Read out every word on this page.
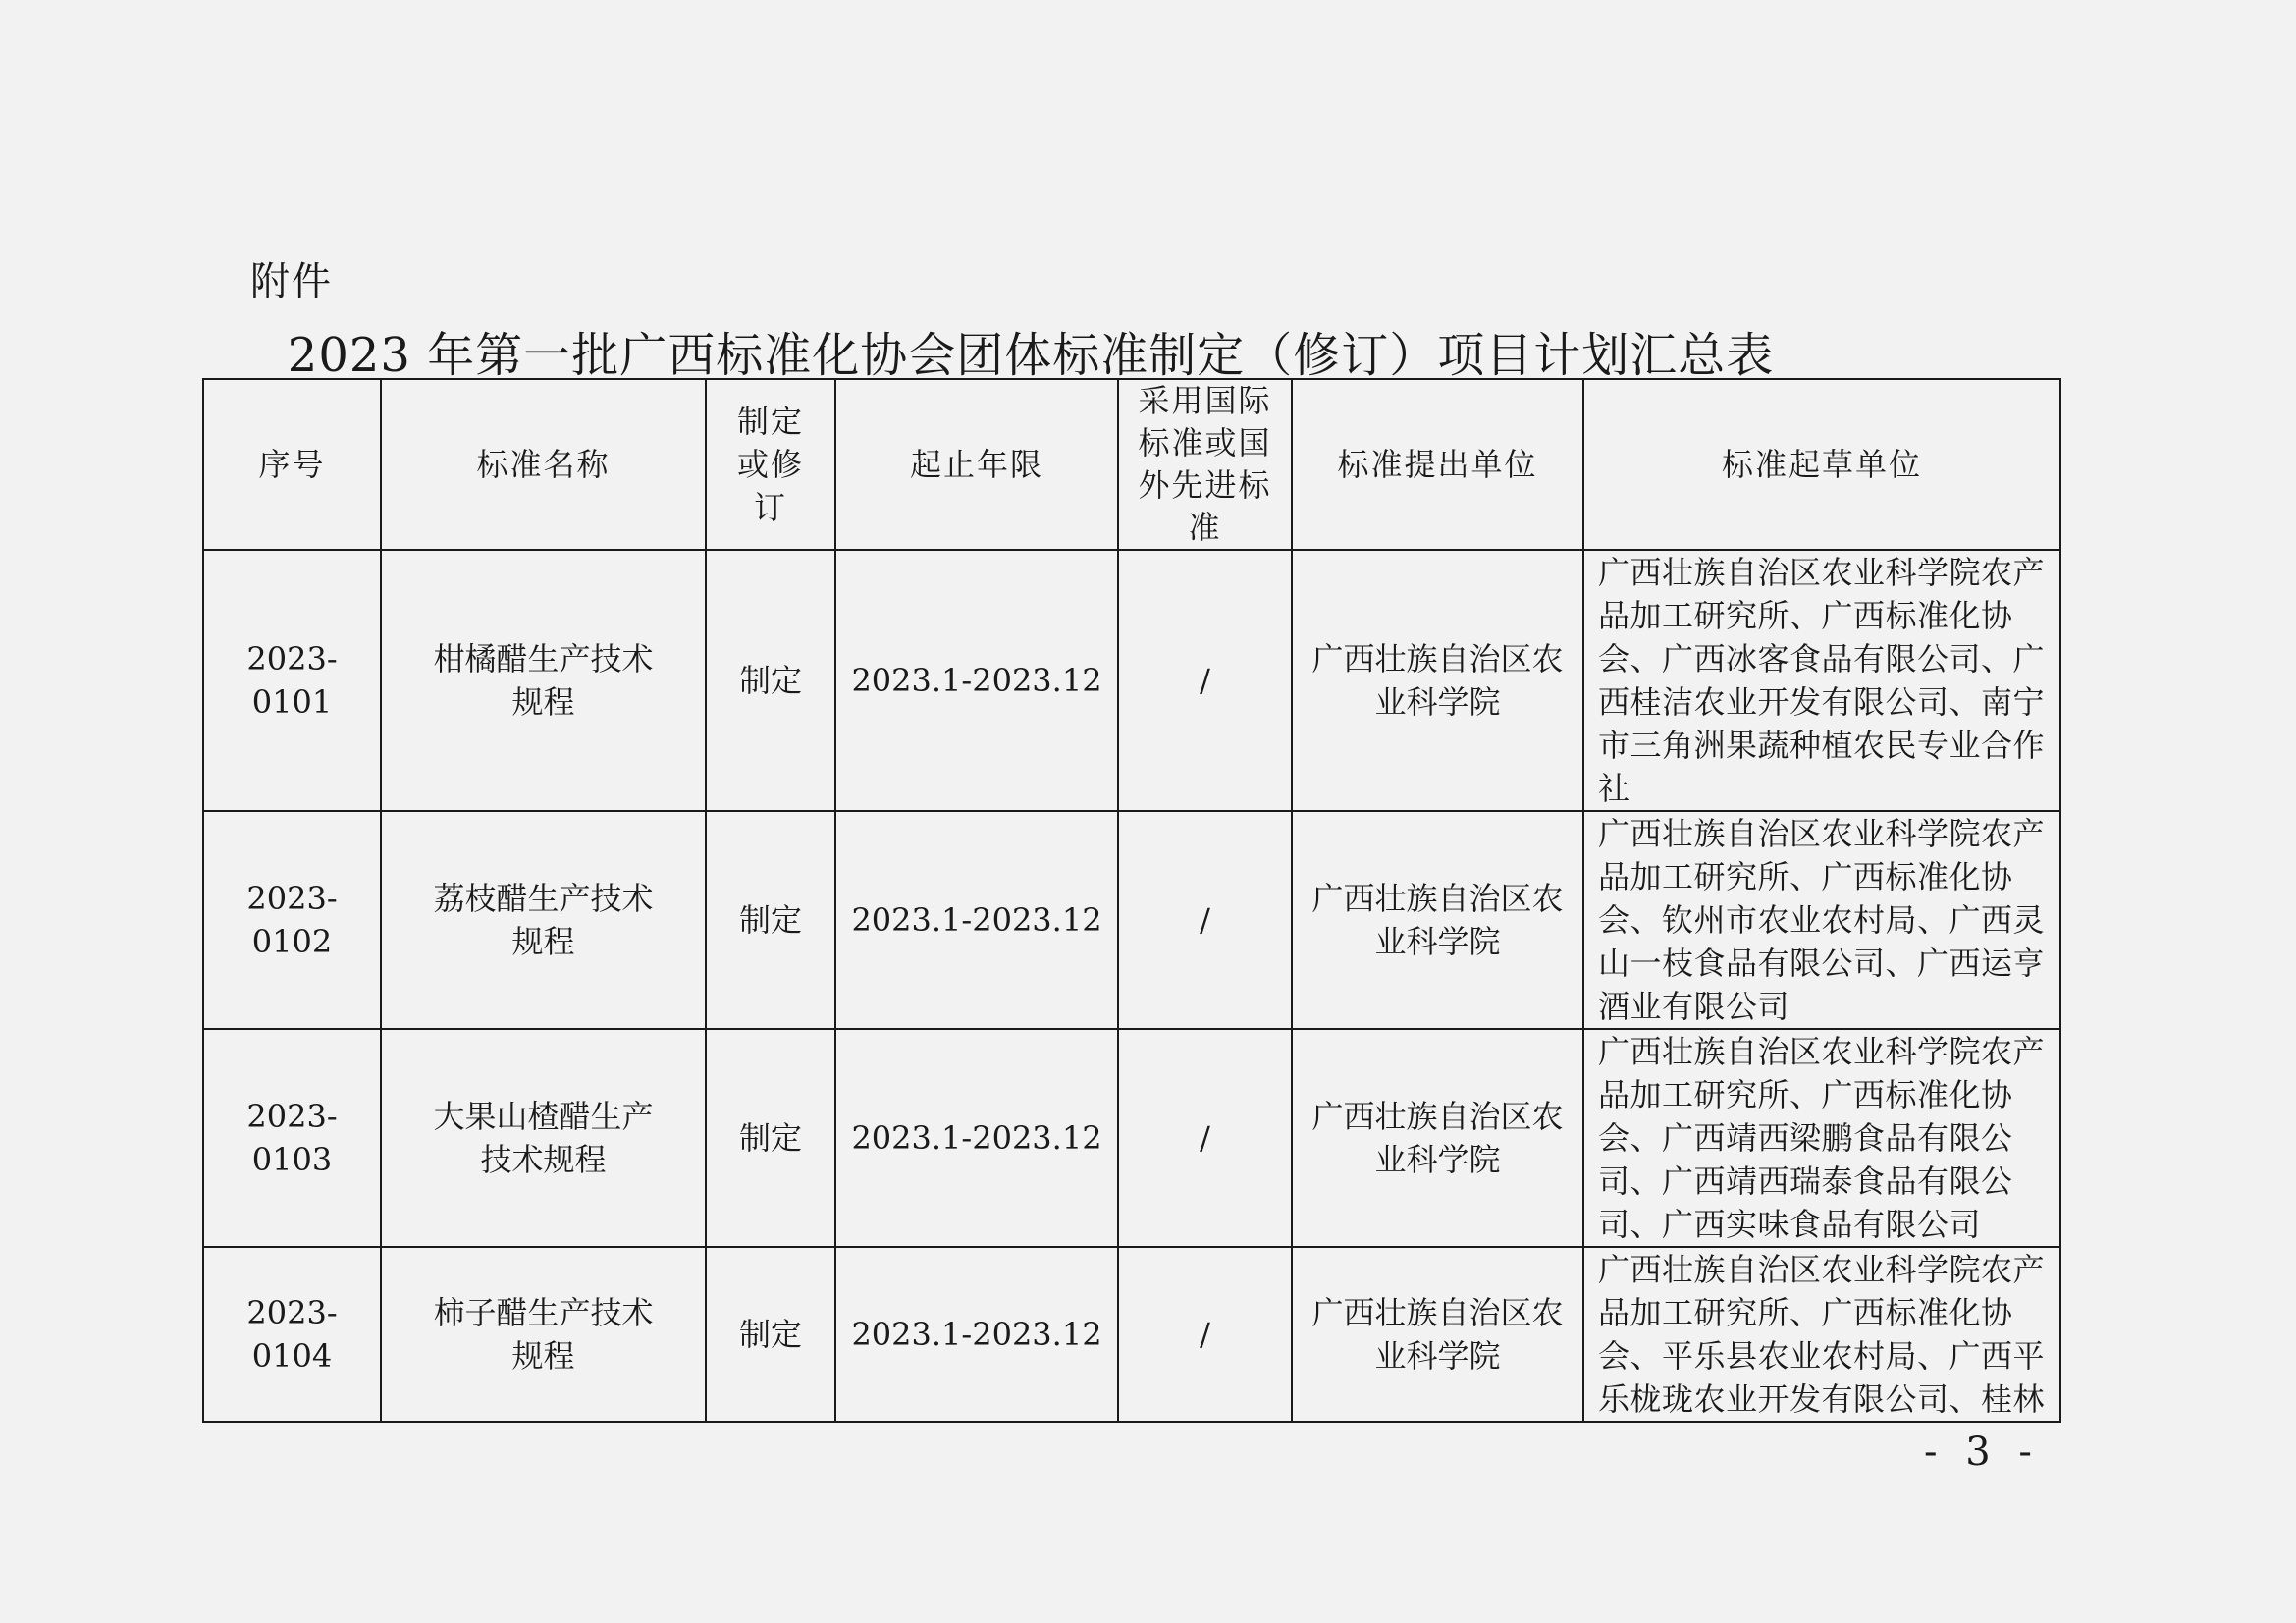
附件
2023 年第一批广西标准化协会团体标准制定（修订）项目计划汇总表
序号	标准名称	制定或修订	起止年限	采用国际标准或国外先进标准	标准提出单位	标准起草单位

2023-0101	柑橘醋生产技术规程	制定	2023.1-2023.12	/	广西壮族自治区农业科学院	广西壮族自治区农业科学院农产品加工研究所、广西标准化协会、广西冰客食品有限公司、广西桂洁农业开发有限公司、南宁市三角洲果蔬种植农民专业合作社
2023-0102	荔枝醋生产技术规程	制定	2023.1-2023.12	/	广西壮族自治区农业科学院	广西壮族自治区农业科学院农产品加工研究所、广西标准化协会、钦州市农业农村局、广西灵山一枝食品有限公司、广西运亨酒业有限公司
2023-0103	大果山楂醋生产技术规程	制定	2023.1-2023.12	/	广西壮族自治区农业科学院	广西壮族自治区农业科学院农产品加工研究所、广西标准化协会、广西靖西梁鹏食品有限公司、广西靖西瑞泰食品有限公司、广西实味食品有限公司
2023-0104	柿子醋生产技术规程	制定	2023.1-2023.12	/	广西壮族自治区农业科学院	广西壮族自治区农业科学院农产品加工研究所、广西标准化协会、平乐县农业农村局、广西平乐栊珑农业开发有限公司、桂林
- 3 -
